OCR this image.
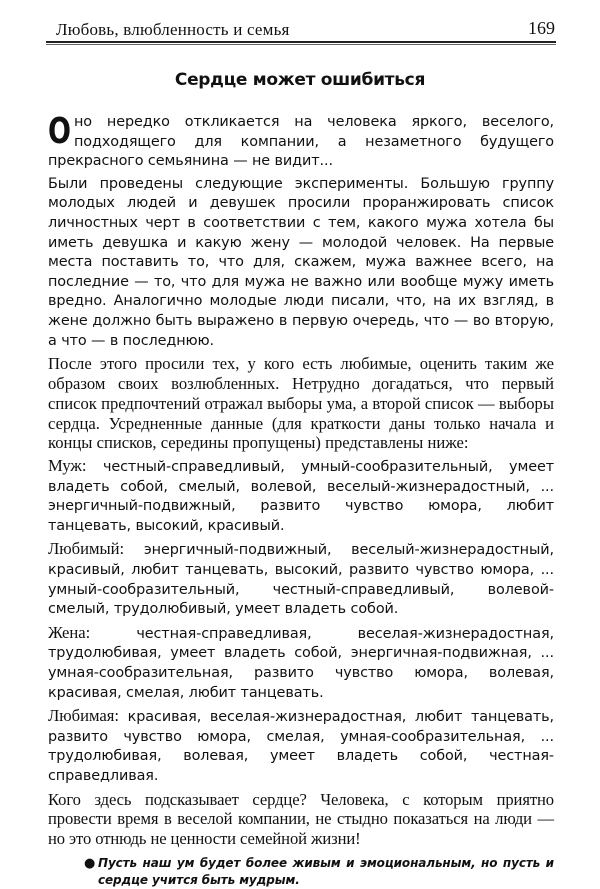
Любовь, влюбленность и семья	169
Сердце может ошибиться

О но нередко откликается на человека яркого, веселого, подходящего для компании, а незаметного будущего прекрасного семьянина — не видит...

Были проведены следующие эксперименты. Большую группу молодых людей и девушек просили проранжировать список личностных черт в соответствии с тем, какого мужа хотела бы иметь девушка и какую жену — молодой человек. На первые места поставить то, что для, скажем, мужа важнее всего, на последние — то, что для мужа не важно или вообще мужу иметь вредно. Аналогично молодые люди писали, что, на их взгляд, в жене должно быть выражено в первую очередь, что — во вторую, а что — в последнюю.

После этого просили тех, у кого есть любимые, оценить таким же образом своих возлюбленных. Нетрудно догадаться, что первый список предпочтений отражал выборы ума, а второй список — выборы сердца. Усредненные данные (для краткости даны только начала и концы списков, середины пропущены) представлены ниже:

Муж: честный-справедливый, умный-сообразительный, умеет владеть собой, смелый, волевой, веселый-жизнерадостный, ... энергичный-подвижный, развито чувство юмора, любит танцевать, высокий, красивый.

Любимый: энергичный-подвижный, веселый-жизнерадостный, красивый, любит танцевать, высокий, развито чувство юмора, ... умный-сообразительный, честный-справедливый, волевой-смелый, трудолюбивый, умеет владеть собой.

Жена:	честная-справедливая, веселая-жизнерадостная, трудолюбивая, умеет владеть собой, энергичная-подвижная, ... умная-сообразительная, развито чувство юмора, волевая, красивая, смелая, любит танцевать.

Любимая: красивая, веселая-жизнерадостная, любит танцевать, развито чувство юмора, смелая, умная-сообразительная, ... трудолюбивая, волевая, умеет владеть собой, честная-справедливая.

Кого здесь подсказывает сердце? Человека, с которым приятно провести время в веселой компании, не стыдно показаться на люди — но это отнюдь не ценности семейной жизни!

● Пусть наш ум будет более живым и эмоциональным, но пусть и сердце учится быть мудрым.
